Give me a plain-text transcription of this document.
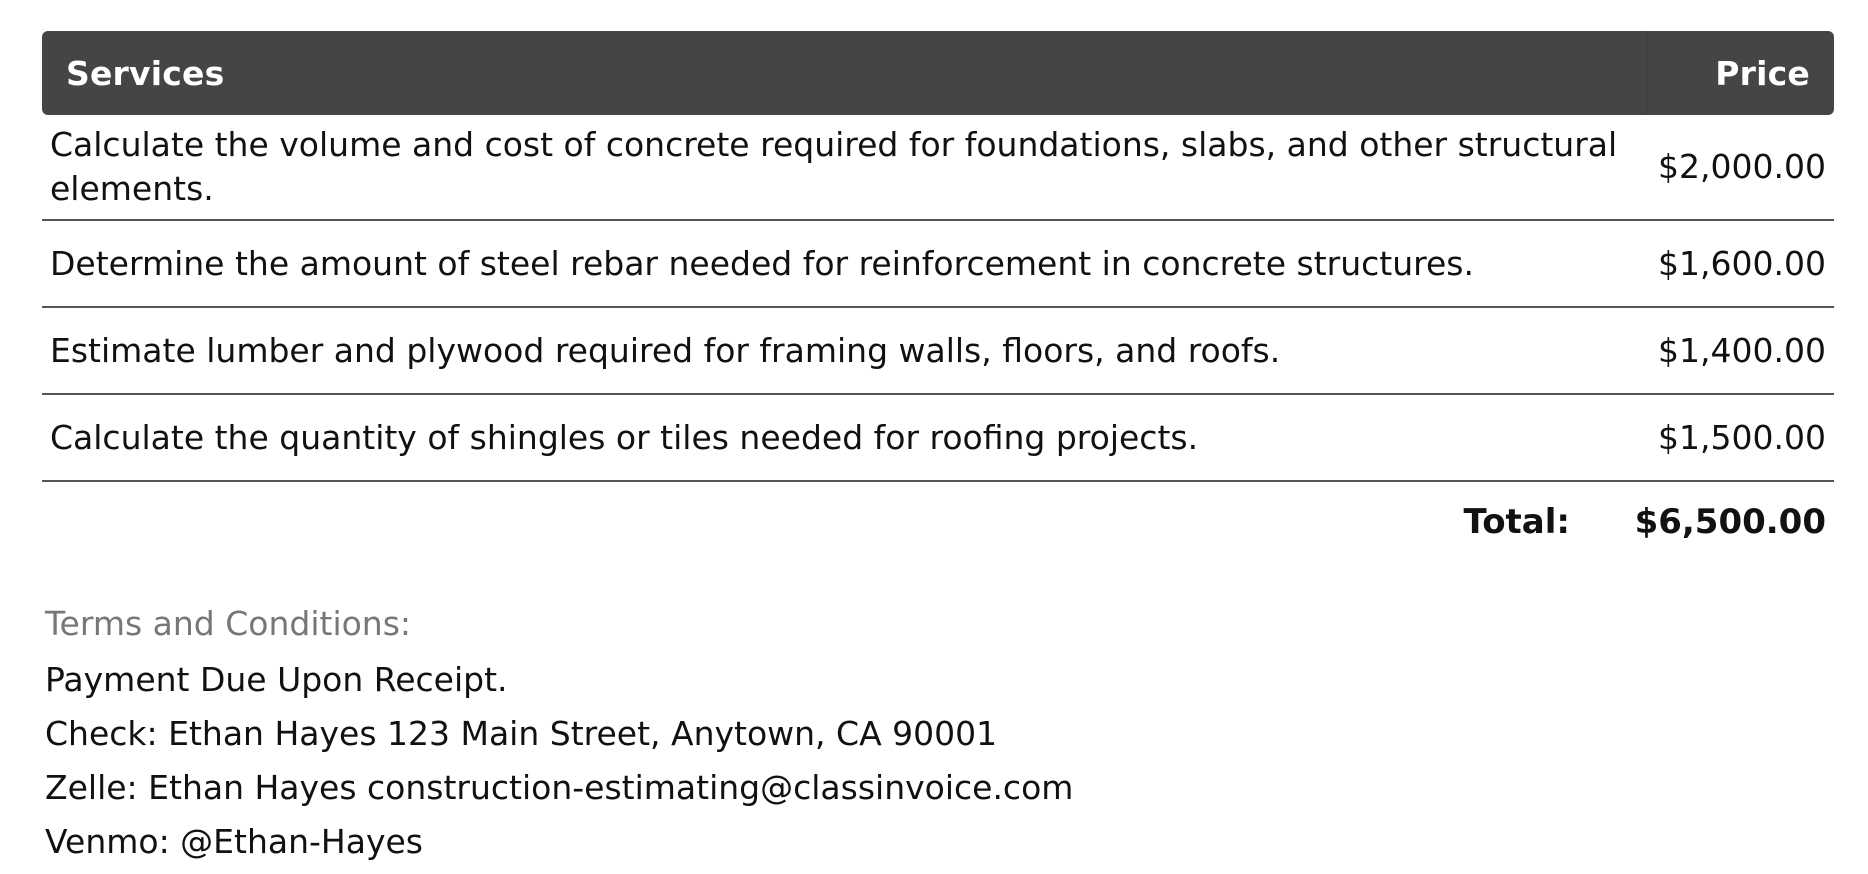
Services	Price
Calculate the volume and cost of concrete required for foundations, slabs, and other structural elements.	$2,000.00
Determine the amount of steel rebar needed for reinforcement in concrete structures.	$1,600.00
Estimate lumber and plywood required for framing walls, floors, and roofs.	$1,400.00
Calculate the quantity of shingles or tiles needed for roofing projects.	$1,500.00
Total: $6,500.00
Terms and Conditions:
Payment Due Upon Receipt.
Check: Ethan Hayes 123 Main Street, Anytown, CA 90001
Zelle: Ethan Hayes construction-estimating@classinvoice.com
Venmo: @Ethan-Hayes
